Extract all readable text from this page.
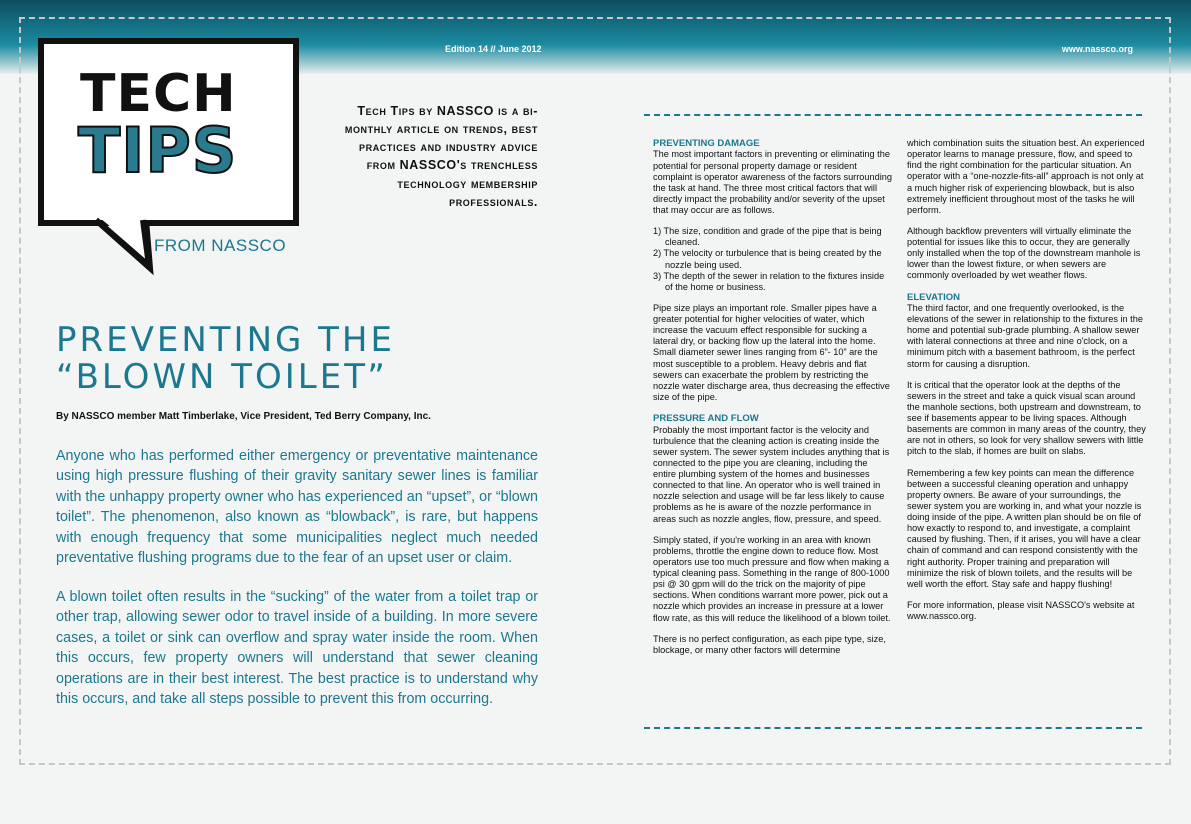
Edition 14 // June 2012	www.nassco.org
TECH
TIPS
FROM NASSCO
Tech Tips by NASSCO is a bi-monthly article on trends, best practices and industry advice from NASSCO's trenchless technology membership professionals.
PREVENTING THE
“BLOWN TOILET”
By NASSCO member Matt Timberlake, Vice President, Ted Berry Company, Inc.

Anyone who has performed either emergency or preventative maintenance using high pressure flushing of their gravity sanitary sewer lines is familiar with the unhappy property owner who has experienced an “upset”, or “blown toilet”. The phenomenon, also known as “blowback”, is rare, but happens with enough frequency that some municipalities neglect much needed preventative flushing programs due to the fear of an upset user or claim.

A blown toilet often results in the “sucking” of the water from a toilet trap or other trap, allowing sewer odor to travel inside of a building. In more severe cases, a toilet or sink can overflow and spray water inside the room. When this occurs, few property owners will understand that sewer cleaning operations are in their best interest. The best practice is to understand why this occurs, and take all steps possible to prevent this from occurring.

PREVENTING DAMAGE

The most important factors in preventing or eliminating the potential for personal property damage or resident complaint is operator awareness of the factors surrounding the task at hand. The three most critical factors that will directly impact the probability and/or severity of the upset that may occur are as follows.

1) The size, condition and grade of the pipe that is being cleaned.
2) The velocity or turbulence that is being created by the nozzle being used.
3) The depth of the sewer in relation to the fixtures inside of the home or business.

Pipe size plays an important role. Smaller pipes have a greater potential for higher velocities of water, which increase the vacuum effect responsible for sucking a lateral dry, or backing flow up the lateral into the home. Small diameter sewer lines ranging from 6”- 10” are the most susceptible to a problem. Heavy debris and flat sewers can exacerbate the problem by restricting the nozzle water discharge area, thus decreasing the effective size of the pipe.

PRESSURE AND FLOW

Probably the most important factor is the velocity and turbulence that the cleaning action is creating inside the sewer system. The sewer system includes anything that is connected to the pipe you are cleaning, including the entire plumbing system of the homes and businesses connected to that line. An operator who is well trained in nozzle selection and usage will be far less likely to cause problems as he is aware of the nozzle performance in areas such as nozzle angles, flow, pressure, and speed.

Simply stated, if you're working in an area with known problems, throttle the engine down to reduce flow. Most operators use too much pressure and flow when making a typical cleaning pass. Something in the range of 800-1000 psi @ 30 gpm will do the trick on the majority of pipe sections. When conditions warrant more power, pick out a nozzle which provides an increase in pressure at a lower flow rate, as this will reduce the likelihood of a blown toilet.

There is no perfect configuration, as each pipe type, size, blockage, or many other factors will determine

which combination suits the situation best. An experienced operator learns to manage pressure, flow, and speed to find the right combination for the particular situation. An operator with a “one-nozzle-fits-all” approach is not only at a much higher risk of experiencing blowback, but is also extremely inefficient throughout most of the tasks he will perform.

Although backflow preventers will virtually eliminate the potential for issues like this to occur, they are generally only installed when the top of the downstream manhole is lower than the lowest fixture, or when sewers are commonly overloaded by wet weather flows.

ELEVATION

The third factor, and one frequently overlooked, is the elevations of the sewer in relationship to the fixtures in the home and potential sub-grade plumbing. A shallow sewer with lateral connections at three and nine o'clock, on a minimum pitch with a basement bathroom, is the perfect storm for causing a disruption.

It is critical that the operator look at the depths of the sewers in the street and take a quick visual scan around the manhole sections, both upstream and downstream, to see if basements appear to be living spaces. Although basements are common in many areas of the country, they are not in others, so look for very shallow sewers with little pitch to the slab, if homes are built on slabs.

Remembering a few key points can mean the difference between a successful cleaning operation and unhappy property owners. Be aware of your surroundings, the sewer system you are working in, and what your nozzle is doing inside of the pipe. A written plan should be on file of how exactly to respond to, and investigate, a complaint caused by flushing. Then, if it arises, you will have a clear chain of command and can respond consistently with the right authority. Proper training and preparation will minimize the risk of blown toilets, and the results will be well worth the effort. Stay safe and happy flushing!

For more information, please visit NASSCO's website at www.nassco.org.
